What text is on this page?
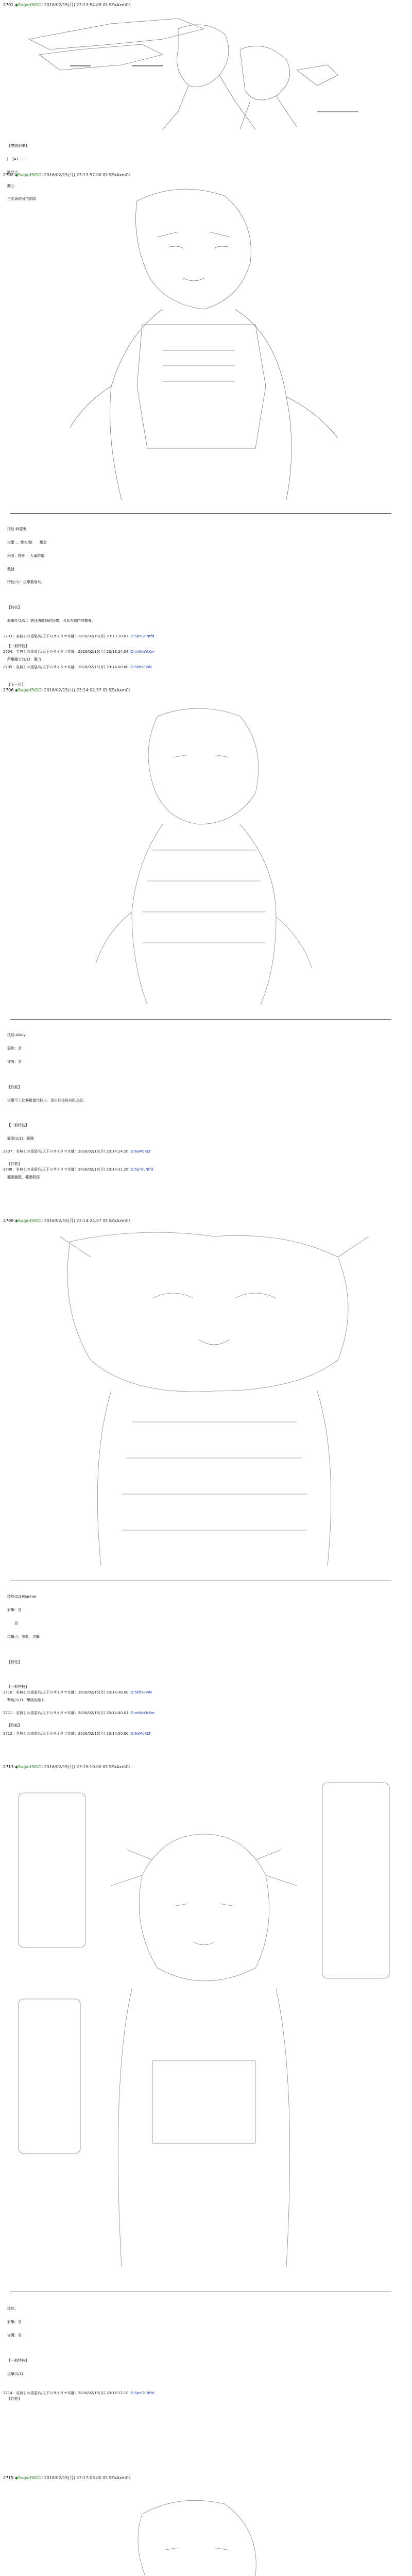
2701 ◆Sugari5lOOI 2016/02/15(月) 23:13:54.09 ID:SZxAxmCt

【雙胞胎軍】

[　]A1　…

戰鬥力

關心

三年級的可怕部隊

2702 ◆Sugari5lOOI 2016/02/15(月) 23:13:57.00 ID:SZxAxmCt

技能:修羅鬼

攻擊 … 雙刃/劍　　擊退

兩者：精神 ，力量防禦

數據

特性(1)：攻擊數增加，

【特技】

殺傷性(1/1)：遇到強敵時的恐懼，因為有戰鬥的機會。

【一般特技】

所屬魔力(1/1)：魔力

【下一位】

2703：名無しの重装兵/天下のサイタマ本舗：2016/02/15(月) 23:13:18.01 ID:5pnG0Ntfd
2704：名無しの重装兵/天下のサイタマ本舗：2016/02/15(月) 23:13:24.04 ID:mWoWtKm
2705：名無しの重装兵/天下のサイタマ本舗：2016/02/15(月) 23:14:00.08 ID:5kh8FWN
2706 ◆Sugari5lOOI 2016/02/15(月) 23:14:02.57 ID:SZxAxmCt

技能:Aikuy

弱點：冒　　　　

守護：冒

【性能】

攻擊不上比賽數量比較少，是由於技能有限之故。

【一般特技】

範圍(1/1)：範圍

【性能】

範圍擴散，範圍殺傷

2707：名無しの重装兵/天下のサイタマ本舗：2016/02/15(月) 23:14:14.20 ID:6aMoRLT
2708：名無しの重装兵/天下のサイタマ本舗：2016/02/15(月) 23:14:21.26 ID:5prGLNtfd
2709 ◆Sugari5lOOI 2016/02/15(月) 23:14:24.57 ID:SZxAxmCt

技能(1/1)Gunner

射擊：冒　　　

　　冒

攻擊力：強壯，攻擊

【特性】

【一般特技】

擊破(1/1)：擊破的能力

【性能】

2710：名無しの重装兵/天下のサイタマ本舗：2016/02/15(月) 23:14:38.00 ID:5kh8FWN
2711：名無しの重装兵/天下のサイタマ本舗：2016/02/15(月) 23:14:40.01 ID:mWoWtKm
2712：名無しの重装兵/天下のサイタマ本舗：2016/02/15(月) 23:14:50.00 ID:6aMoRLT
2713 ◆Sugari5lOOI 2016/02/15(月) 23:15:10.00 ID:SZxAxmCt

技能：

射擊：冒　　

守護：冒

【一般特技】

攻擊(1/1)：

【性能】

2714：名無しの重装兵/天下のサイタマ本舗：2016/02/15(月) 23:16:12.10 ID:5pnG0Ntfd
2715 ◆Sugari5lOOI 2016/02/15(月) 23:17:03.00 ID:SZxAxmCt
